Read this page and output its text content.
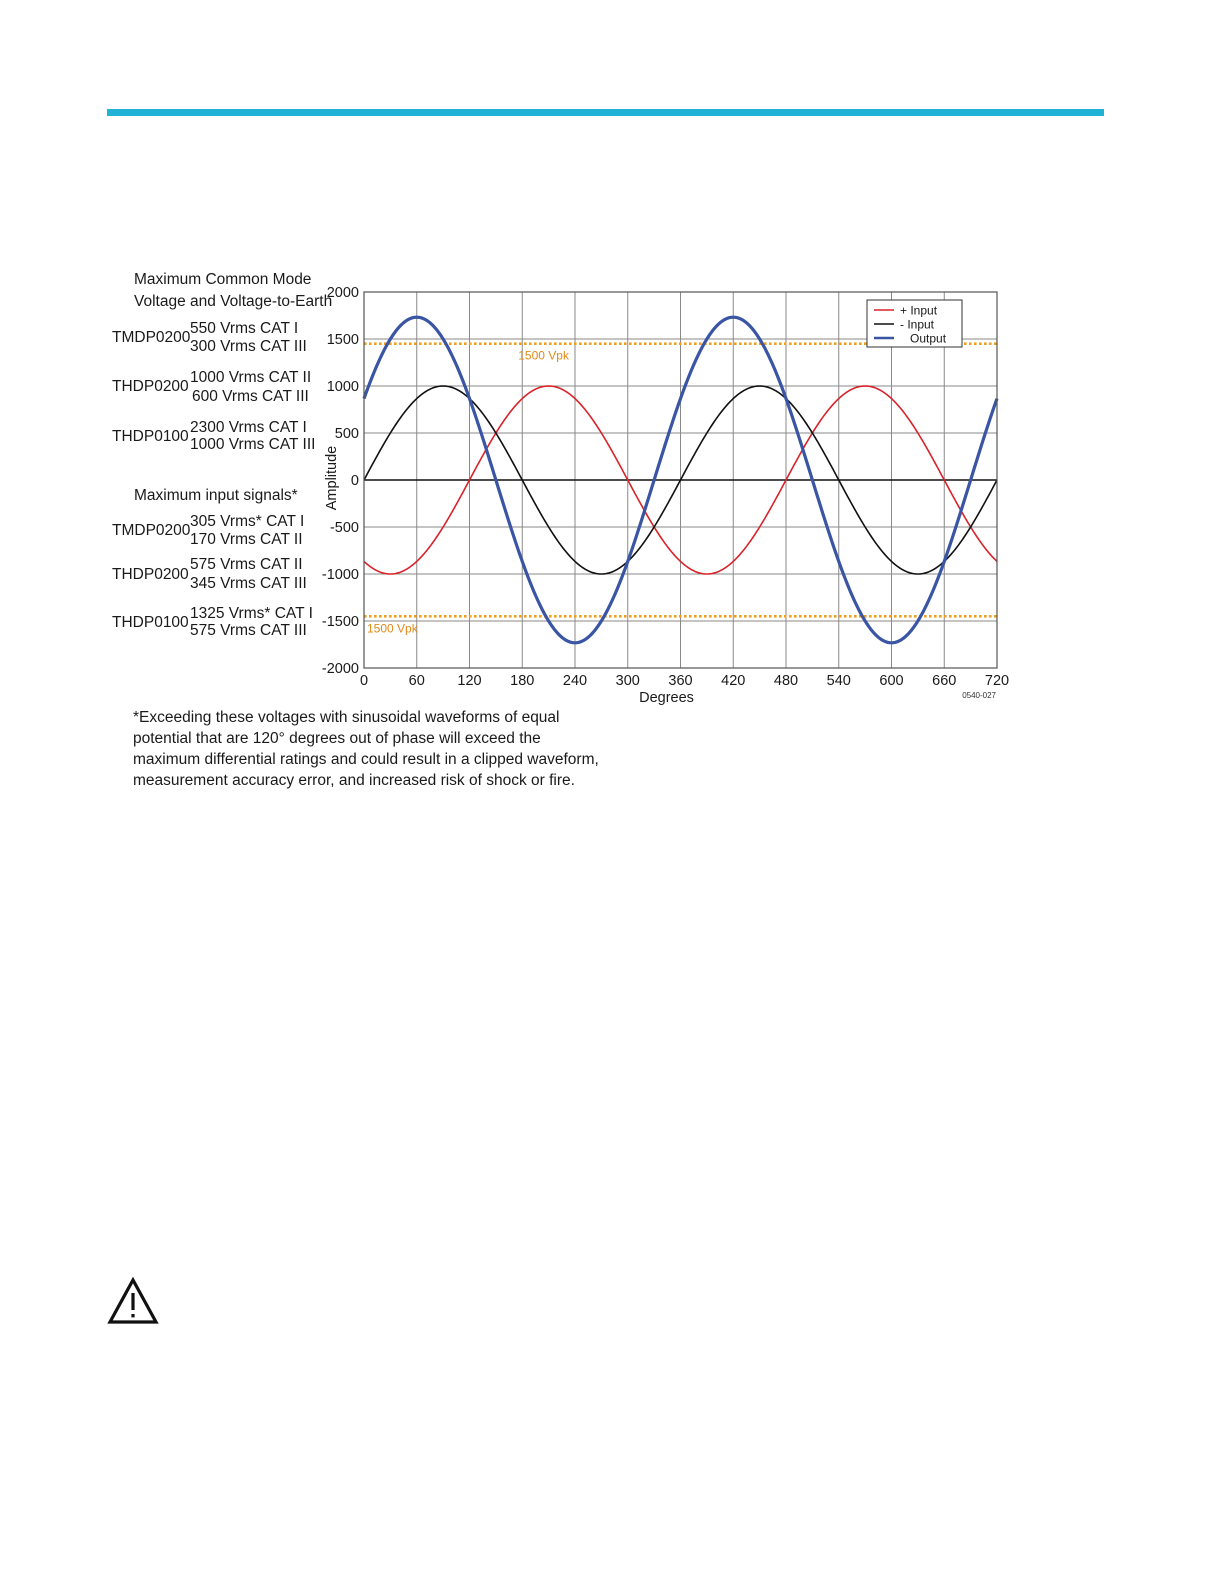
Maximum Common Mode
Voltage and Voltage-to-Earth
TMDP0200
550 Vrms CAT I
300 Vrms CAT III
THDP0200
1000 Vrms CAT II
600 Vrms CAT III
THDP0100
2300 Vrms CAT I
1000 Vrms CAT III
Maximum input signals*
TMDP0200
305 Vrms* CAT I
170 Vrms CAT II
THDP0200
575 Vrms CAT II
345 Vrms CAT III
THDP0100
1325 Vrms* CAT I
575 Vrms CAT III
1500 Vpk
1500 Vpk
0	60 120 180 240 300 360 420 480 540 600 660 720
2000
1500
1000
500
0
-500
-1000
-1500
-2000
Degrees
Amplitude
0540-027
+ Input
- Input
Output
*Exceeding these voltages with sinusoidal waveforms of equal
potential that are 120° degrees out of phase will exceed the
maximum differential ratings and could result in a clipped waveform,
measurement accuracy error, and increased risk of shock or fire.
